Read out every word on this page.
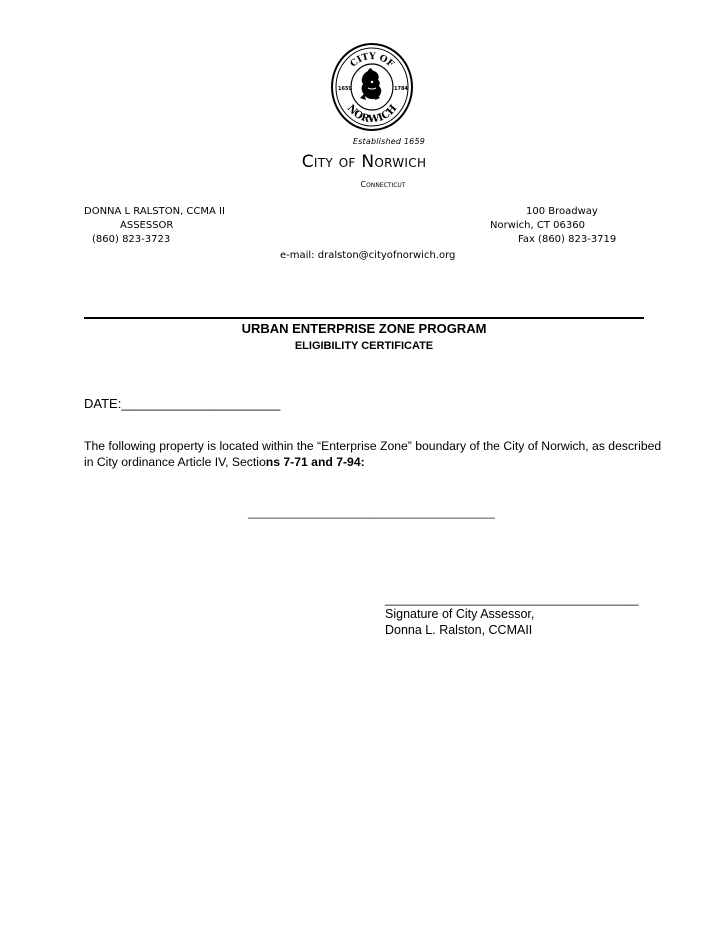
CITY OF
NORWICH
1659	1784
Established 1659
City of Norwich
Connecticut
DONNA L RALSTON, CCMA II
ASSESSOR
(860) 823-3723
100 Broadway
Norwich, CT 06360
Fax (860) 823-3719
e-mail: dralston@cityofnorwich.org
URBAN ENTERPRISE ZONE PROGRAM
ELIGIBILITY CERTIFICATE
DATE:______________________
The following property is located within the “Enterprise Zone” boundary of the City of Norwich, as described in City ordinance Article IV, Sections 7-71 and 7-94:
_____________________________________
______________________________________
Signature of City Assessor,
Donna L. Ralston, CCMAII
